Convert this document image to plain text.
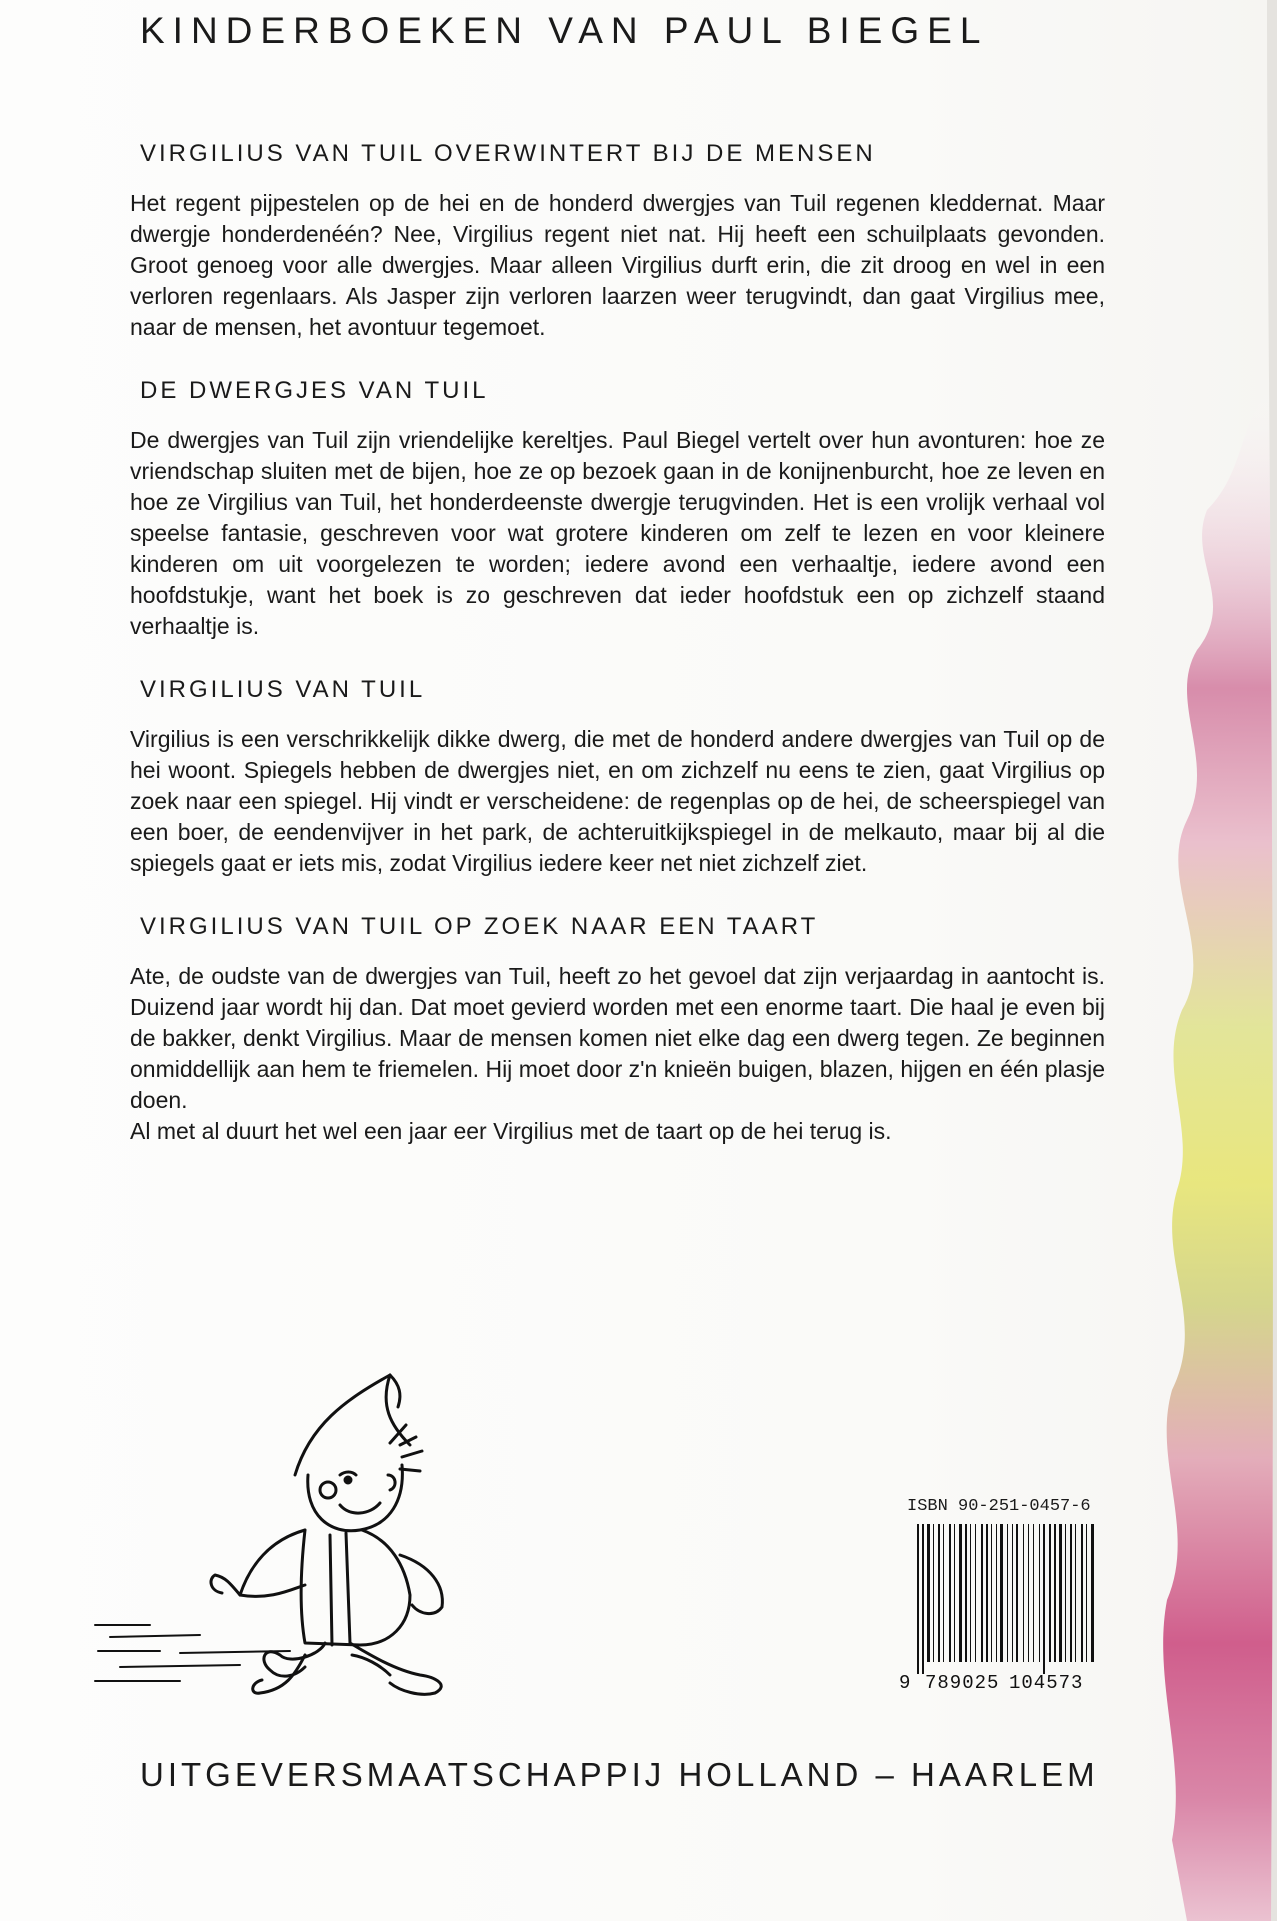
KINDERBOEKEN VAN PAUL BIEGEL
VIRGILIUS VAN TUIL OVERWINTERT BIJ DE MENSEN

Het regent pijpestelen op de hei en de honderd dwergjes van Tuil regenen kleddernat. Maar dwergje honderdenéén? Nee, Virgilius regent niet nat. Hij heeft een schuilplaats gevonden. Groot genoeg voor alle dwergjes. Maar alleen Virgilius durft erin, die zit droog en wel in een verloren regenlaars. Als Jasper zijn verloren laarzen weer terugvindt, dan gaat Virgilius mee, naar de mensen, het avontuur tegemoet.

DE DWERGJES VAN TUIL

De dwergjes van Tuil zijn vriendelijke kereltjes. Paul Biegel vertelt over hun avonturen: hoe ze vriendschap sluiten met de bijen, hoe ze op bezoek gaan in de konijnenburcht, hoe ze leven en hoe ze Virgilius van Tuil, het honderdeenste dwergje terugvinden. Het is een vrolijk verhaal vol speelse fantasie, geschreven voor wat grotere kinderen om zelf te lezen en voor kleinere kinderen om uit voorgelezen te worden; iedere avond een verhaaltje, iedere avond een hoofdstukje, want het boek is zo geschreven dat ieder hoofdstuk een op zichzelf staand verhaaltje is.

VIRGILIUS VAN TUIL

Virgilius is een verschrikkelijk dikke dwerg, die met de honderd andere dwergjes van Tuil op de hei woont. Spiegels hebben de dwergjes niet, en om zichzelf nu eens te zien, gaat Virgilius op zoek naar een spiegel. Hij vindt er verscheidene: de regenplas op de hei, de scheerspiegel van een boer, de eendenvijver in het park, de achteruitkijkspiegel in de melkauto, maar bij al die spiegels gaat er iets mis, zodat Virgilius iedere keer net niet zichzelf ziet.

VIRGILIUS VAN TUIL OP ZOEK NAAR EEN TAART

Ate, de oudste van de dwergjes van Tuil, heeft zo het gevoel dat zijn verjaardag in aantocht is. Duizend jaar wordt hij dan. Dat moet gevierd worden met een enorme taart. Die haal je even bij de bakker, denkt Virgilius. Maar de mensen komen niet elke dag een dwerg tegen. Ze beginnen onmiddellijk aan hem te friemelen. Hij moet door z'n knieën buigen, blazen, hijgen en één plasje doen.
Al met al duurt het wel een jaar eer Virgilius met de taart op de hei terug is.

ISBN 90-251-0457-6
9 789025 104573
UITGEVERSMAATSCHAPPIJ HOLLAND – HAARLEM
